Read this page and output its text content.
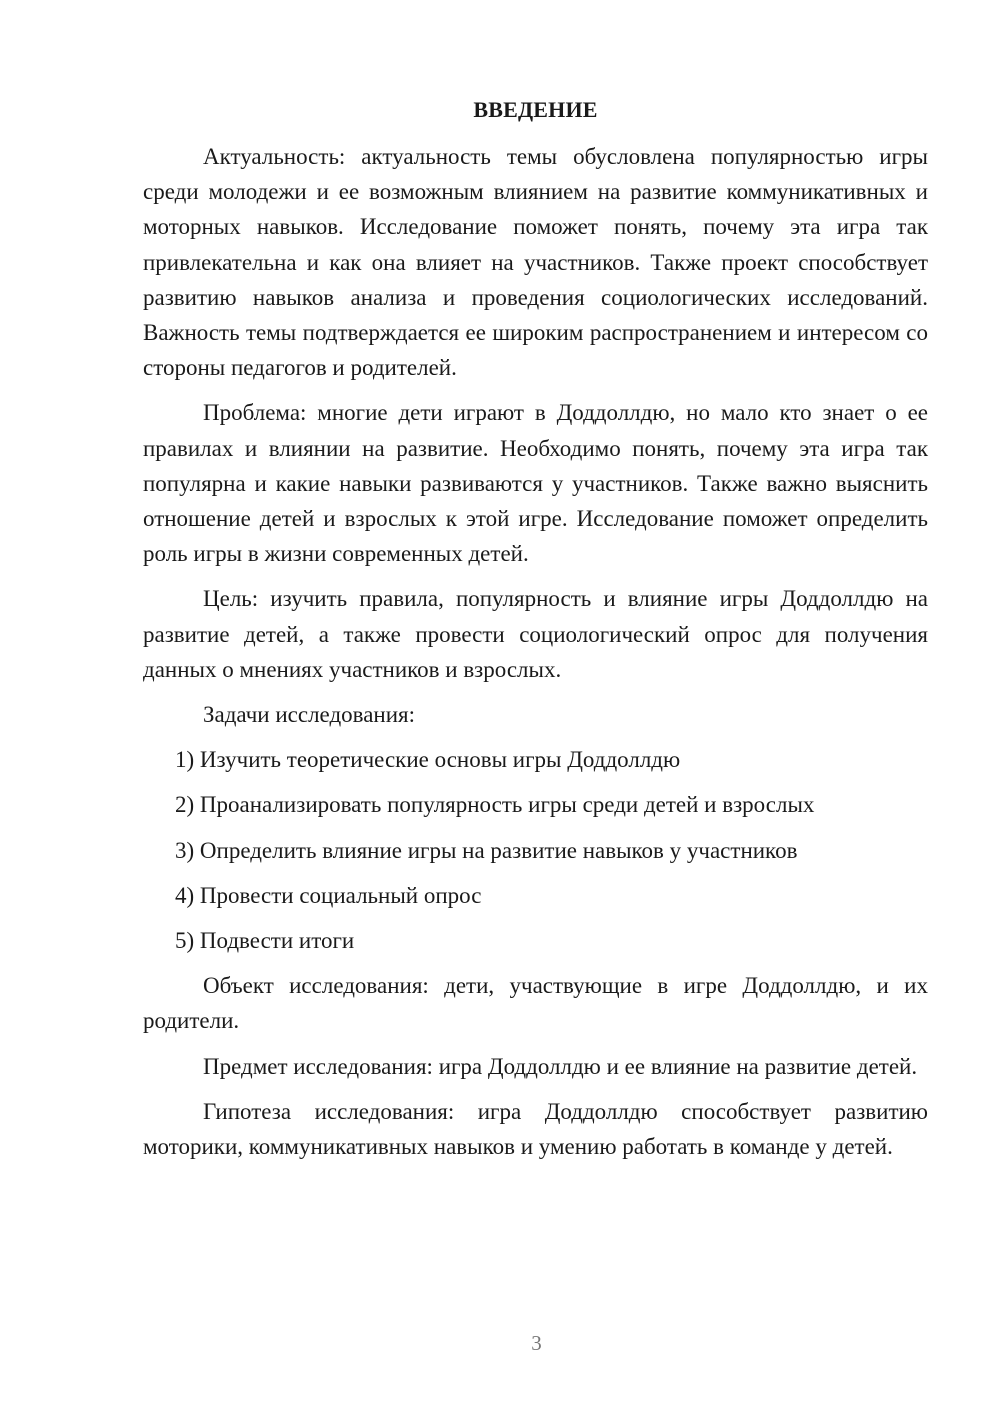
ВВЕДЕНИЕ

Актуальность: актуальность темы обусловлена популярностью игры среди молодежи и ее возможным влиянием на развитие коммуникативных и моторных навыков. Исследование поможет понять, почему эта игра так привлекательна и как она влияет на участников. Также проект способствует развитию навыков анализа и проведения социологических исследований. Важность темы подтверждается ее широким распространением и интересом со стороны педагогов и родителей.

Проблема: многие дети играют в Доддоллдю, но мало кто знает о ее правилах и влиянии на развитие. Необходимо понять, почему эта игра так популярна и какие навыки развиваются у участников. Также важно выяснить отношение детей и взрослых к этой игре. Исследование поможет определить роль игры в жизни современных детей.

Цель: изучить правила, популярность и влияние игры Доддоллдю на развитие детей, а также провести социологический опрос для получения данных о мнениях участников и взрослых.

Задачи исследования:

1) Изучить теоретические основы игры Доддоллдю
2) Проанализировать популярность игры среди детей и взрослых
3) Определить влияние игры на развитие навыков у участников
4) Провести социальный опрос
5) Подвести итоги

Объект исследования: дети, участвующие в игре Доддоллдю, и их родители.

Предмет исследования: игра Доддоллдю и ее влияние на развитие детей.

Гипотеза исследования: игра Доддоллдю способствует развитию моторики, коммуникативных навыков и умению работать в команде у детей.

3
